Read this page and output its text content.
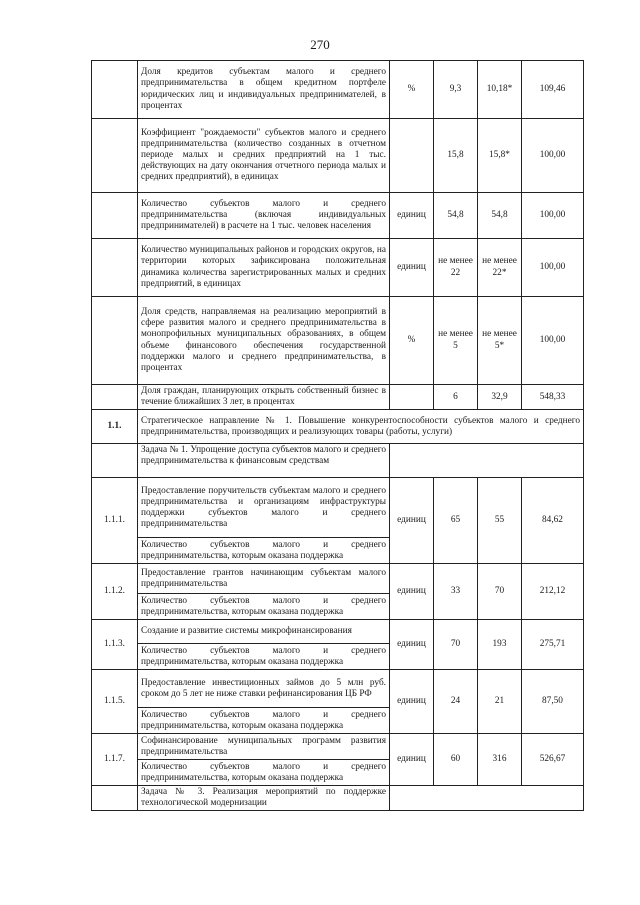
270
	Доля кредитов субъектам малого и среднего предпринимательства в общем кредитном портфеле юридических лиц и индивидуальных предпринимателей, в процентах	%	9,3	10,18*	109,46
	Коэффициент "рождаемости" субъектов малого и среднего предпринимательства (количество созданных в отчетном периоде малых и средних предприятий на 1 тыс. действующих на дату окончания отчетного периода малых и средних предприятий), в единицах		15,8	15,8*	100,00
	Количество субъектов малого и среднего предпринимательства (включая индивидуальных предпринимателей) в расчете на 1 тыс. человек населения	единиц	54,8	54,8	100,00
	Количество муниципальных районов и городских округов, на территории которых зафиксирована положительная динамика количества зарегистрированных малых и средних предприятий, в единицах	единиц	не менее 22	не менее 22*	100,00
	Доля средств, направляемая на реализацию мероприятий в сфере развития малого и среднего предпринимательства в монопрофильных муниципальных образованиях, в общем объеме финансового обеспечения государственной поддержки малого и среднего предпринимательства, в процентах	%	не менее 5	не менее 5*	100,00
	Доля граждан, планирующих открыть собственный бизнес в течение ближайших 3 лет, в процентах		6	32,9	548,33
1.1.	Стратегическое направление № 1. Повышение конкурентоспособности субъектов малого и среднего предпринимательства, производящих и реализующих товары (работы, услуги)				
	Задача № 1. Упрощение доступа субъектов малого и среднего предпринимательства к финансовым средствам				
1.1.1.	Предоставление поручительств субъектам малого и среднего предпринимательства и организациям инфраструктуры поддержки субъектов малого и среднего предпринимательства	единиц	65	55	84,62
	Количество субъектов малого и среднего предпринимательства, которым оказана поддержка				
1.1.2.	Предоставление грантов начинающим субъектам малого предпринимательства	единиц	33	70	212,12
	Количество субъектов малого и среднего предпринимательства, которым оказана поддержка				
1.1.3.	Создание и развитие системы микрофинансирования	единиц	70	193	275,71
	Количество субъектов малого и среднего предпринимательства, которым оказана поддержка				
1.1.5.	Предоставление инвестиционных займов до 5 млн руб. сроком до 5 лет не ниже ставки рефинансирования ЦБ РФ	единиц	24	21	87,50
	Количество субъектов малого и среднего предпринимательства, которым оказана поддержка				
1.1.7.	Софинансирование муниципальных программ развития предпринимательства	единиц	60	316	526,67
	Количество субъектов малого и среднего предпринимательства, которым оказана поддержка				
	Задача № 3. Реализация мероприятий по поддержке технологической модернизации				
